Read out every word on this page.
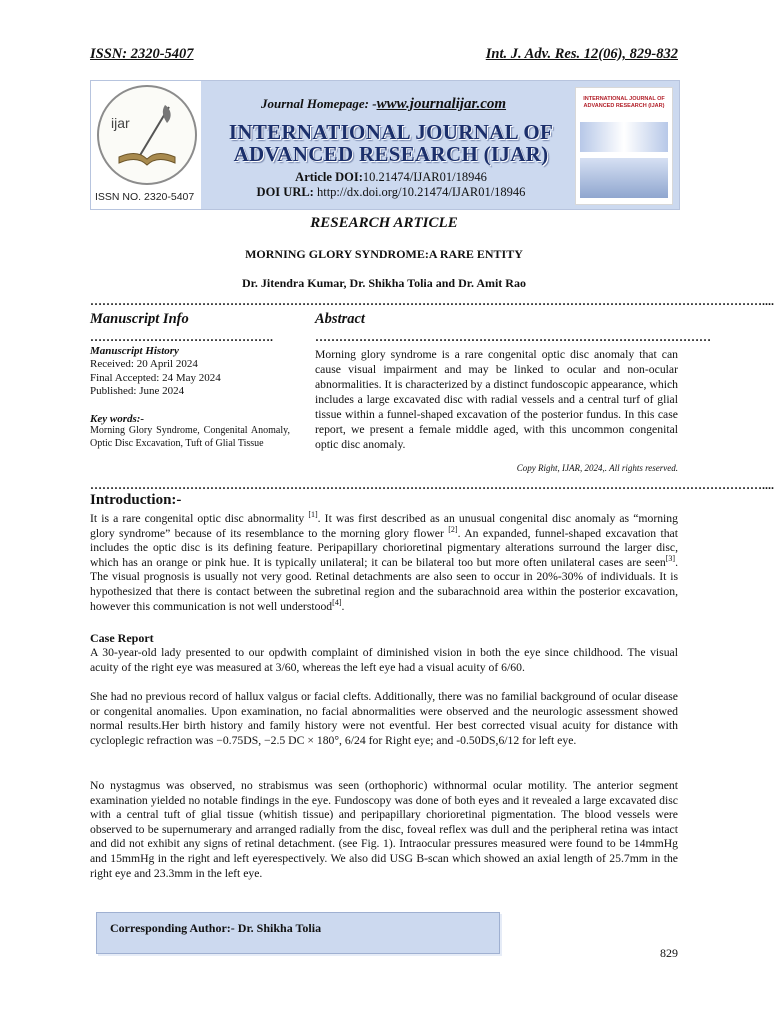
ISSN: 2320-5407	Int. J. Adv. Res. 12(06), 829-832
ijar
ISSN NO. 2320-5407
Journal Homepage: -www.journalijar.com
INTERNATIONAL JOURNAL OF
ADVANCED RESEARCH (IJAR)
Article DOI:10.21474/IJAR01/18946
DOI URL: http://dx.doi.org/10.21474/IJAR01/18946
INTERNATIONAL JOURNAL OF ADVANCED RESEARCH (IJAR)
RESEARCH ARTICLE
MORNING GLORY SYNDROME:A RARE ENTITY
Dr. Jitendra Kumar, Dr. Shikha Tolia and Dr. Amit Rao
……………………………………………………………………………………………………………………………………………………....
Manuscript Info	Abstract
……………………………………….	………………………………………………………………………………………
Manuscript History
Received: 20 April 2024
Final Accepted: 24 May 2024
Published: June 2024
Key words:-
Morning Glory Syndrome, Congenital Anomaly, Optic Disc Excavation, Tuft of Glial Tissue
Morning glory syndrome is a rare congenital optic disc anomaly that can cause visual impairment and may be linked to ocular and non-ocular abnormalities. It is characterized by a distinct fundoscopic appearance, which includes a large excavated disc with radial vessels and a central turf of glial tissue within a funnel-shaped excavation of the posterior fundus. In this case report, we present a female middle aged, with this uncommon congenital optic disc anomaly.
Copy Right, IJAR, 2024,. All rights reserved.
……………………………………………………………………………………………………………………………………………………....
Introduction:-
It is a rare congenital optic disc abnormality [1]. It was first described as an unusual congenital disc anomaly as “morning glory syndrome” because of its resemblance to the morning glory flower [2]. An expanded, funnel-shaped excavation that includes the optic disc is its defining feature. Peripapillary chorioretinal pigmentary alterations surround the larger disc, which has an orange or pink hue. It is typically unilateral; it can be bilateral too but more often unilateral cases are seen[3]. The visual prognosis is usually not very good. Retinal detachments are also seen to occur in 20%-30% of individuals. It is hypothesized that there is contact between the subretinal region and the subarachnoid area within the posterior excavation, however this communication is not well understood[4].
Case Report
A 30-year-old lady presented to our opdwith complaint of diminished vision in both the eye since childhood. The visual acuity of the right eye was measured at 3/60, whereas the left eye had a visual acuity of 6/60.
She had no previous record of hallux valgus or facial clefts. Additionally, there was no familial background of ocular disease or congenital anomalies. Upon examination, no facial abnormalities were observed and the neurologic assessment showed normal results.Her birth history and family history were not eventful. Her best corrected visual acuity for distance with cycloplegic refraction was −0.75DS, −2.5 DC × 180°, 6/24 for Right eye; and -0.50DS,6/12 for left eye.
No nystagmus was observed, no strabismus was seen (orthophoric) withnormal ocular motility. The anterior segment examination yielded no notable findings in the eye. Fundoscopy was done of both eyes and it revealed a large excavated disc with a central tuft of glial tissue (whitish tissue) and peripapillary chorioretinal pigmentation. The blood vessels were observed to be supernumerary and arranged radially from the disc, foveal reflex was dull and the peripheral retina was intact and did not exhibit any signs of retinal detachment. (see Fig. 1). Intraocular pressures measured were found to be 14mmHg and 15mmHg in the right and left eyerespectively. We also did USG B-scan which showed an axial length of 25.7mm in the right eye and 23.3mm in the left eye.
Corresponding Author:- Dr. Shikha Tolia
829
